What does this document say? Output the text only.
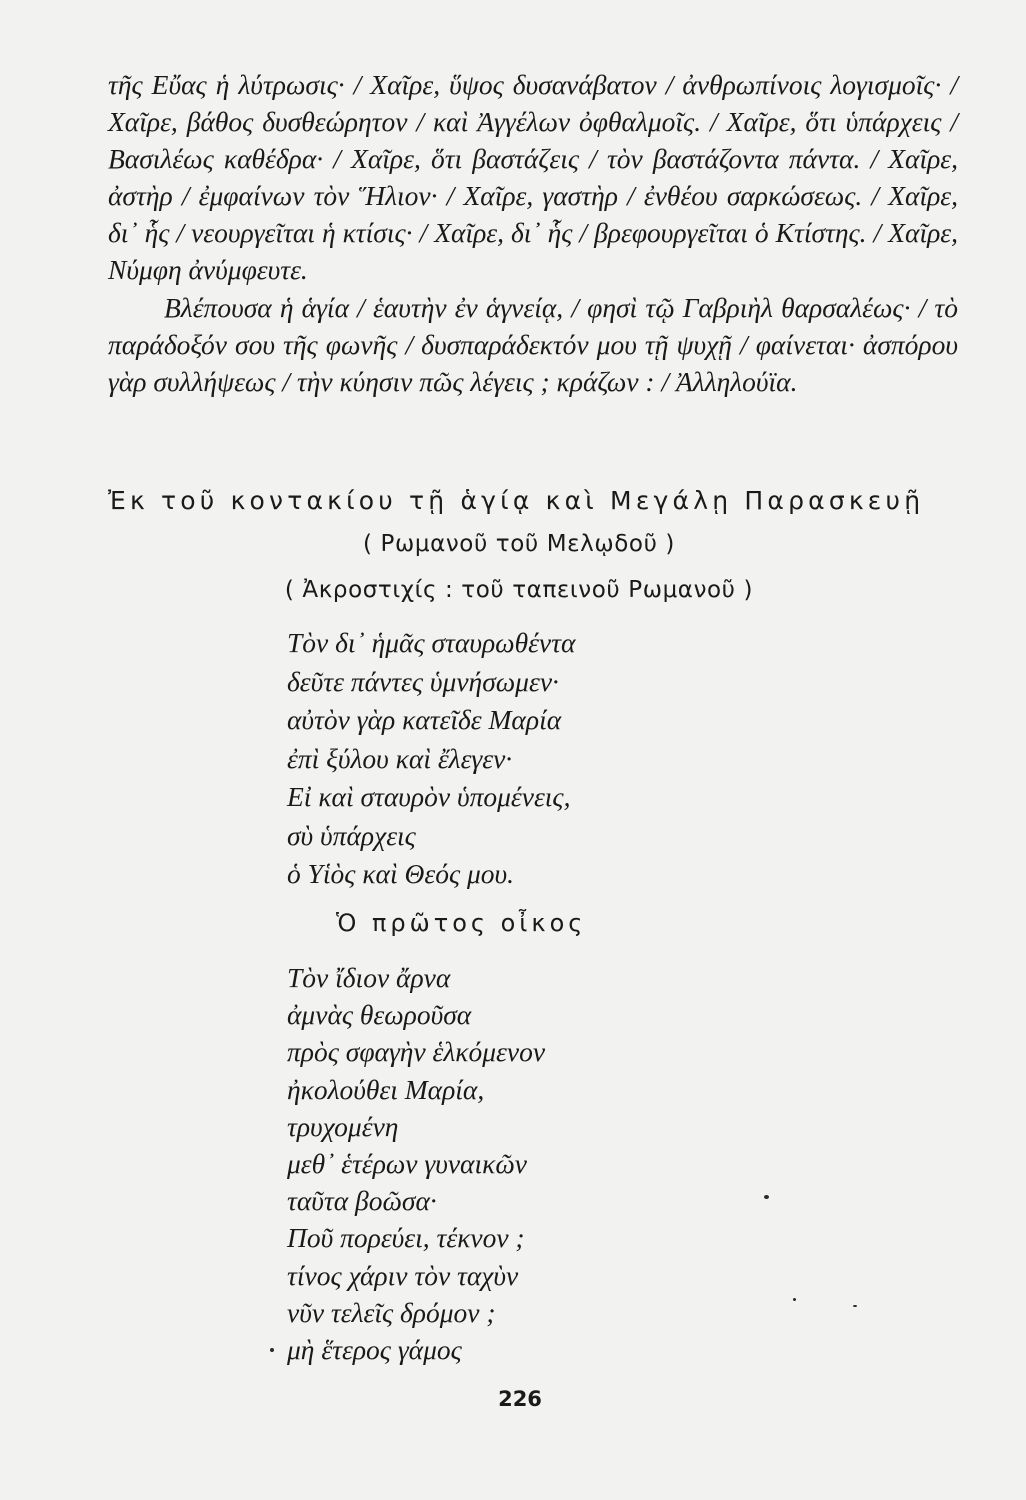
τῆς Εὔας ἡ λύτρωσις· / Χαῖρε, ὕψος δυσανάβατον / ἀνθρωπίνοις λογισμοῖς· / Χαῖρε, βάθος δυσθεώρητον / καὶ Ἀγγέλων ὀφθαλμοῖς. / Χαῖρε, ὅτι ὑπάρχεις / Βασιλέως καθέδρα· / Χαῖρε, ὅτι βαστάζεις / τὸν βαστάζοντα πάντα. / Χαῖρε, ἀστὴρ / ἐμφαίνων τὸν Ἥλιον· / Χαῖρε, γαστὴρ / ἐνθέου σαρκώσεως. / Χαῖρε, δι᾽ ἧς / νεουργεῖται ἡ κτίσις· / Χαῖρε, δι᾽ ἧς / βρεφουργεῖται ὁ Κτίστης. / Χαῖρε, Νύμφη ἀνύμφευτε.

Βλέπουσα ἡ ἁγία / ἑαυτὴν ἐν ἁγνείᾳ, / φησὶ τῷ Γαβριὴλ θαρσαλέως· / τὸ παράδοξόν σου τῆς φωνῆς / δυσπαράδεκτόν μου τῇ ψυχῇ / φαίνεται· ἀσπόρου γὰρ συλλήψεως / τὴν κύησιν πῶς λέγεις ; κράζων : / Ἀλληλούϊα.

Ἐκ τοῦ κοντακίου τῇ ἁγίᾳ καὶ Μεγάλῃ Παρασκευῇ
( Ρωμανοῦ τοῦ Μελῳδοῦ )
( Ἀκροστιχίς : τοῦ ταπεινοῦ Ρωμανοῦ )
Τὸν δι᾽ ἡμᾶς σταυρωθέντα
δεῦτε πάντες ὑμνήσωμεν·
αὐτὸν γὰρ κατεῖδε Μαρία
ἐπὶ ξύλου καὶ ἔλεγεν·
Εἰ καὶ σταυρὸν ὑπομένεις,
σὺ ὑπάρχεις
ὁ Υἱὸς καὶ Θεός μου.
Ὁ πρῶτος οἶκος
Τὸν ἴδιον ἄρνα
ἀμνὰς θεωροῦσα
πρὸς σφαγὴν ἑλκόμενον
ἠκολούθει Μαρία,
τρυχομένη
μεθ᾽ ἑτέρων γυναικῶν
ταῦτα βοῶσα·
Ποῦ πορεύει, τέκνον ;
τίνος χάριν τὸν ταχὺν
νῦν τελεῖς δρόμον ;
μὴ ἕτερος γάμος
226
